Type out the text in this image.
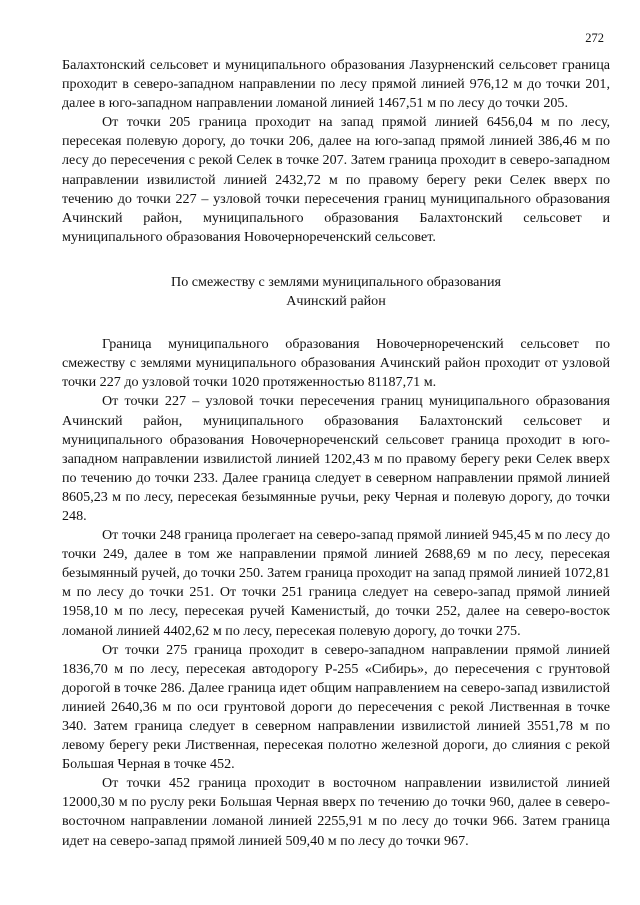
272

Балахтонский сельсовет и муниципального образования Лазурненский сельсовет граница проходит в северо-западном направлении по лесу прямой линией 976,12 м до точки 201, далее в юго-западном направлении ломаной линией 1467,51 м по лесу до точки 205.

От точки 205 граница проходит на запад прямой линией 6456,04 м по лесу, пересекая полевую дорогу, до точки 206, далее на юго-запад прямой линией 386,46 м по лесу до пересечения с рекой Селек в точке 207. Затем граница проходит в северо-западном направлении извилистой линией 2432,72 м по правому берегу реки Селек вверх по течению до точки 227 – узловой точки пересечения границ муниципального образования Ачинский район, муниципального образования Балахтонский сельсовет и муниципального образования Новочернореченский сельсовет.

По смежеству с землями муниципального образования
Ачинский район

Граница муниципального образования Новочернореченский сельсовет по смежеству с землями муниципального образования Ачинский район проходит от узловой точки 227 до узловой точки 1020 протяженностью 81187,71 м.

От точки 227 – узловой точки пересечения границ муниципального образования Ачинский район, муниципального образования Балахтонский сельсовет и муниципального образования Новочернореченский сельсовет граница проходит в юго-западном направлении извилистой линией 1202,43 м по правому берегу реки Селек вверх по течению до точки 233. Далее граница следует в северном направлении прямой линией 8605,23 м по лесу, пересекая безымянные ручьи, реку Черная и полевую дорогу, до точки 248.

От точки 248 граница пролегает на северо-запад прямой линией 945,45 м по лесу до точки 249, далее в том же направлении прямой линией 2688,69 м по лесу, пересекая безымянный ручей, до точки 250. Затем граница проходит на запад прямой линией 1072,81 м по лесу до точки 251. От точки 251 граница следует на северо-запад прямой линией 1958,10 м по лесу, пересекая ручей Каменистый, до точки 252, далее на северо-восток ломаной линией 4402,62 м по лесу, пересекая полевую дорогу, до точки 275.

От точки 275 граница проходит в северо-западном направлении прямой линией 1836,70 м по лесу, пересекая автодорогу Р-255 «Сибирь», до пересечения с грунтовой дорогой в точке 286. Далее граница идет общим направлением на северо-запад извилистой линией 2640,36 м по оси грунтовой дороги до пересечения с рекой Лиственная в точке 340. Затем граница следует в северном направлении извилистой линией 3551,78 м по левому берегу реки Лиственная, пересекая полотно железной дороги, до слияния с рекой Большая Черная в точке 452.

От точки 452 граница проходит в восточном направлении извилистой линией 12000,30 м по руслу реки Большая Черная вверх по течению до точки 960, далее в северо-восточном направлении ломаной линией 2255,91 м по лесу до точки 966. Затем граница идет на северо-запад прямой линией 509,40 м по лесу до точки 967.
